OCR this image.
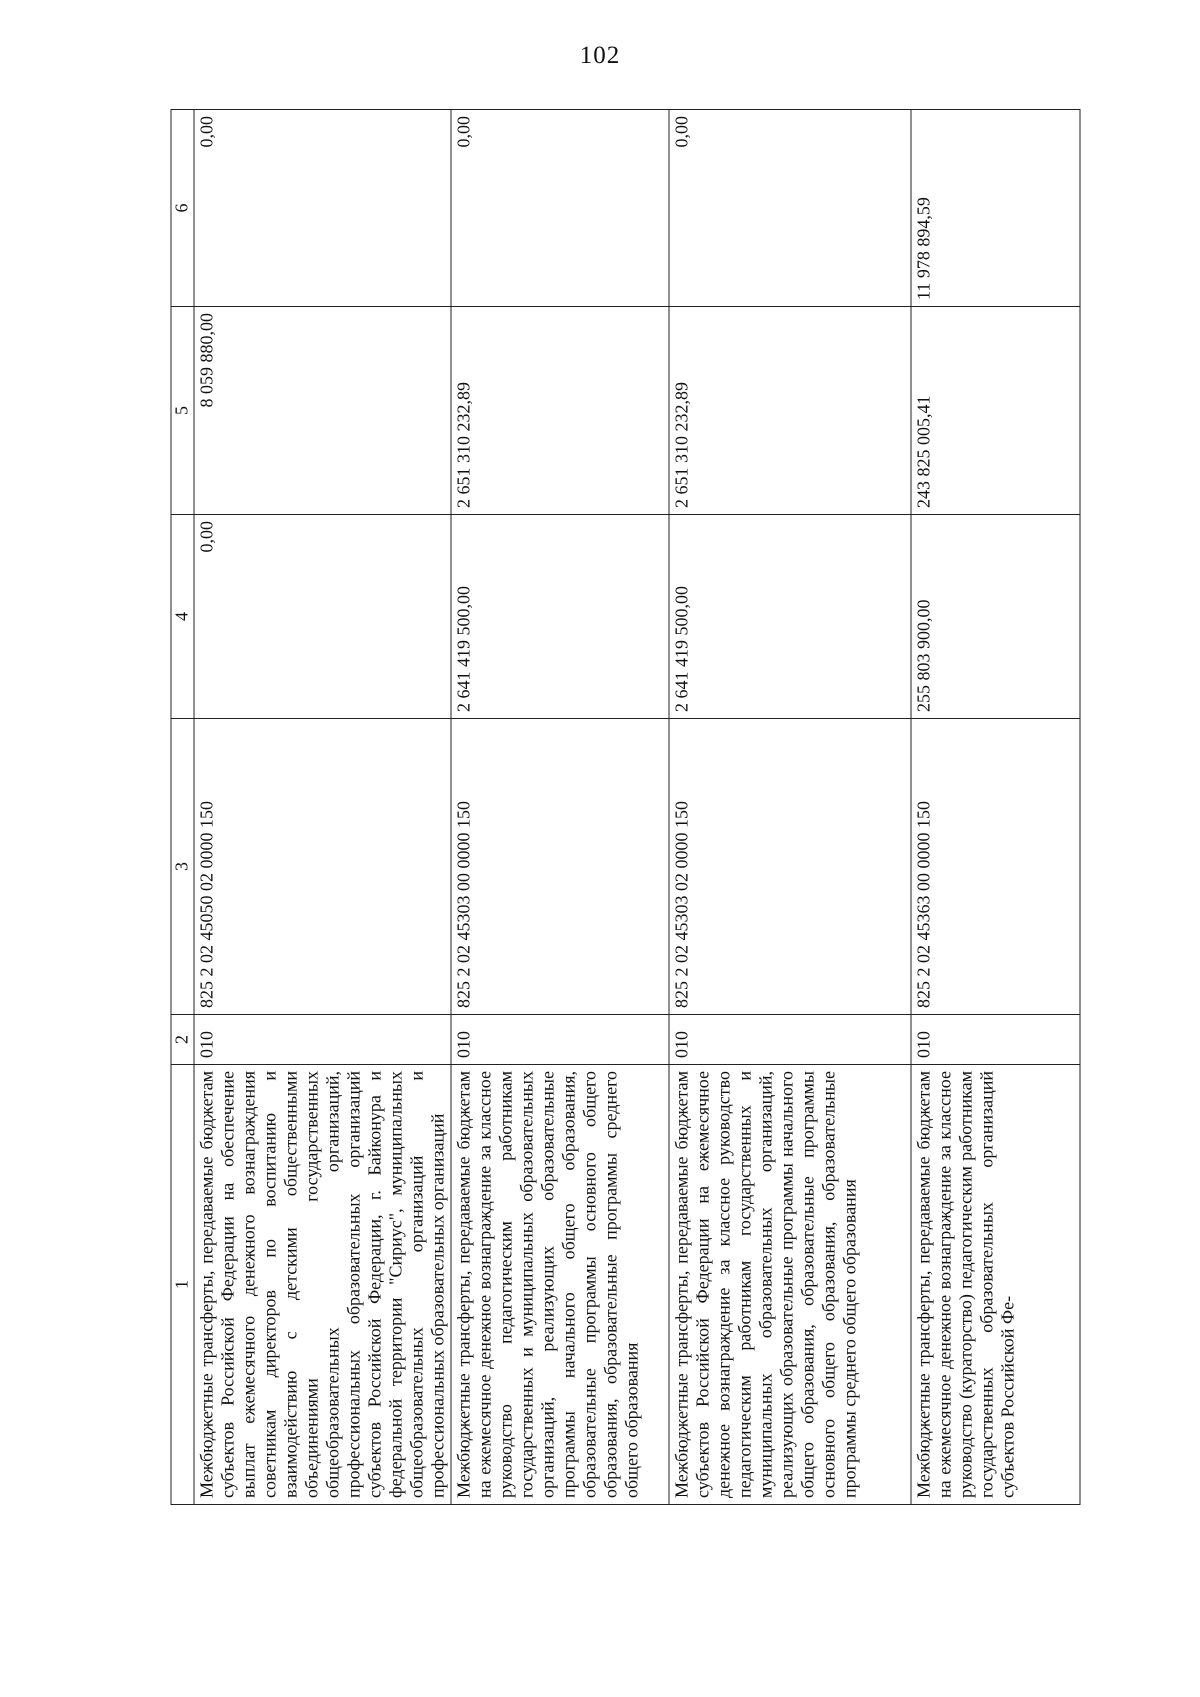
102
1	2	3	4	5	6
Межбюджетные трансферты, передаваемые бюджетам субъектов Российской Федерации на обеспечение выплат ежемесячного денежного вознаграждения советникам директоров по воспитанию и взаимодействию с детскими общественными объединениями государственных общеобразовательных организаций, профессиональных образовательных организаций субъектов Российской Федерации, г. Байконура и федеральной территории "Сириус", муниципальных общеобразовательных организаций и профессиональных образовательных организаций	010	825 2 02 45050 02 0000 150	0,00	8 059 880,00	0,00
Межбюджетные трансферты, передаваемые бюджетам на ежемесячное денежное вознаграждение за классное руководство педагогическим работникам государственных и муниципальных образовательных организаций, реализующих образовательные программы начального общего образования, образовательные программы основного общего образования, образовательные программы среднего общего образования	010	825 2 02 45303 00 0000 150	2 641 419 500,00	2 651 310 232,89	0,00
Межбюджетные трансферты, передаваемые бюджетам субъектов Российской Федерации на ежемесячное денежное вознаграждение за классное руководство педагогическим работникам государственных и муниципальных образовательных организаций, реализующих образовательные программы начального общего образования, образовательные программы основного общего образования, образовательные программы среднего общего образования	010	825 2 02 45303 02 0000 150	2 641 419 500,00	2 651 310 232,89	0,00
Межбюджетные трансферты, передаваемые бюджетам на ежемесячное денежное вознаграждение за классное руководство (кураторство) педагогическим работникам государственных образовательных организаций субъектов Российской Фе-	010	825 2 02 45363 00 0000 150	255 803 900,00	243 825 005,41	11 978 894,59
